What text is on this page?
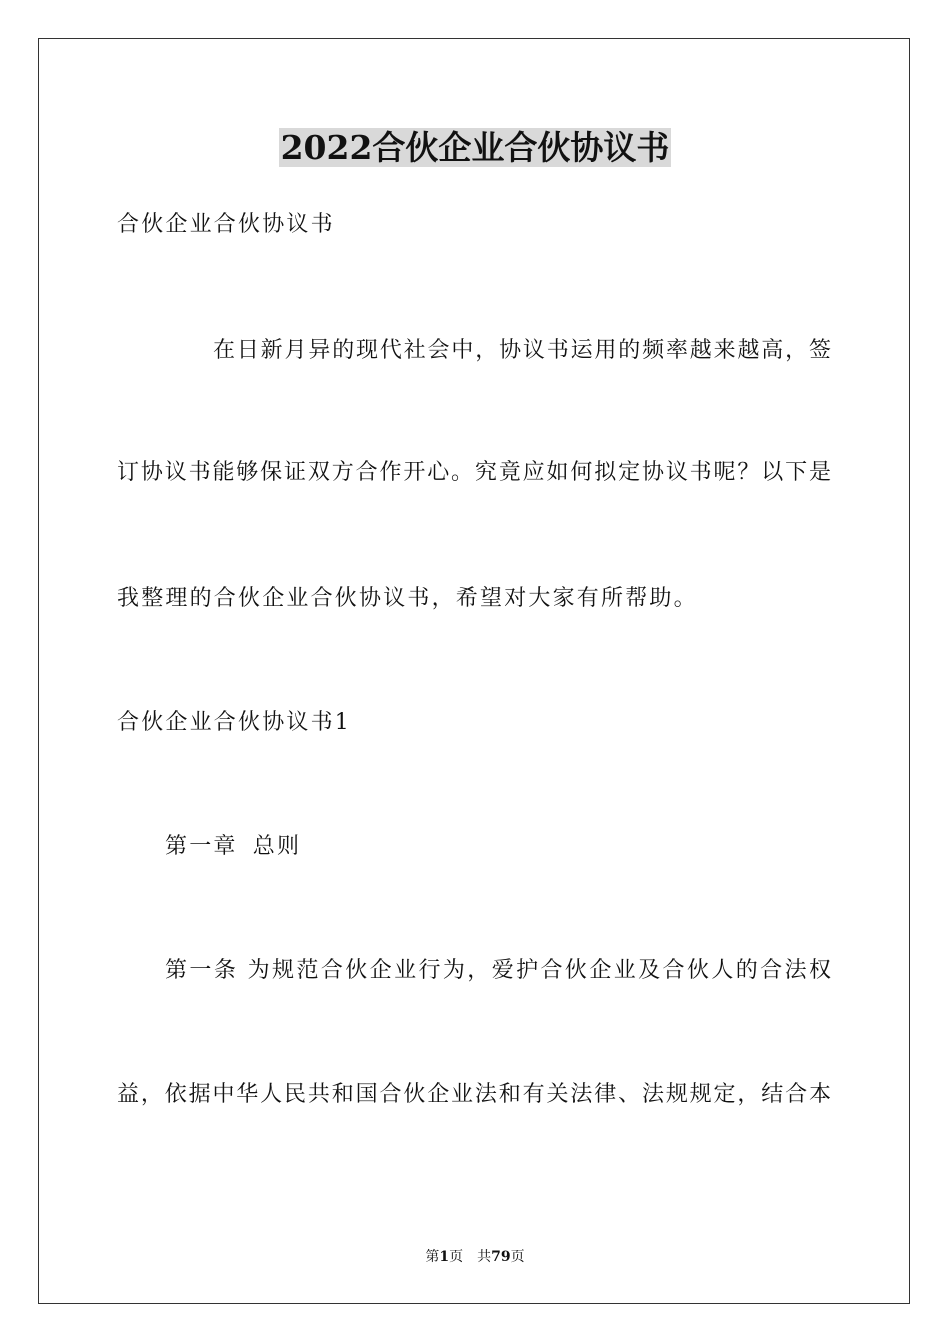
2022合伙企业合伙协议书
合伙企业合伙协议书
在日新月异的现代社会中，协议书运用的频率越来越高，签
订协议书能够保证双方合作开心。究竟应如何拟定协议书呢？以下是
我整理的合伙企业合伙协议书，希望对大家有所帮助。
合伙企业合伙协议书1
第一章 总则
第一条 为规范合伙企业行为，爱护合伙企业及合伙人的合法权
益，依据中华人民共和国合伙企业法和有关法律、法规规定，结合本
第1页 共79页
